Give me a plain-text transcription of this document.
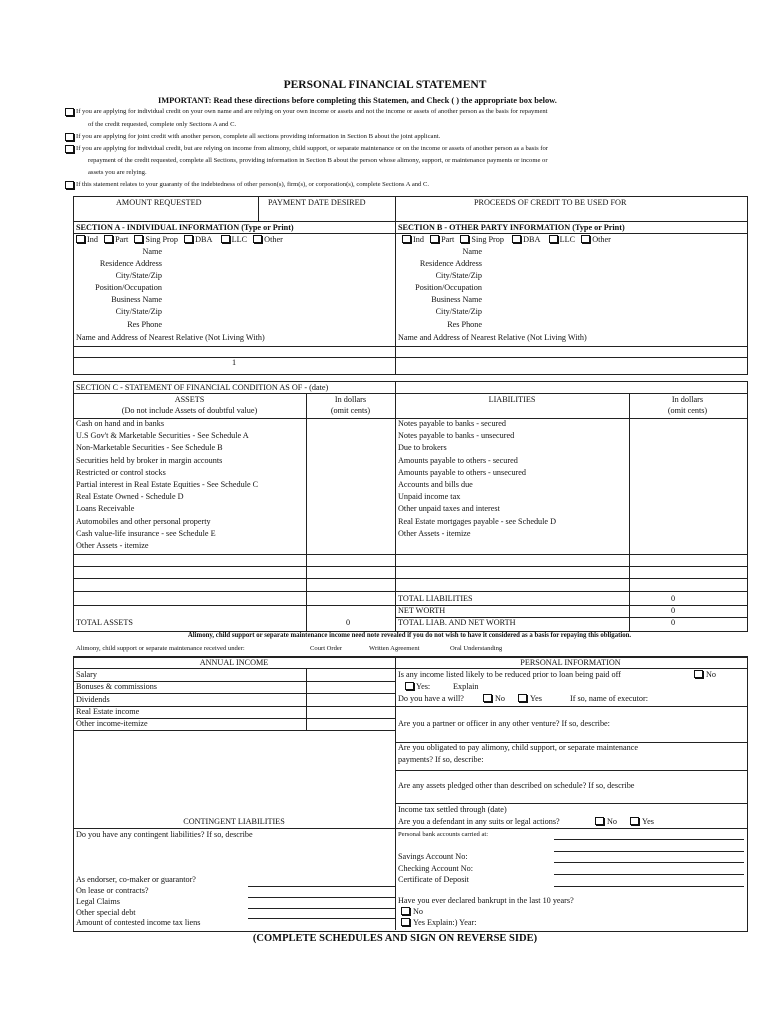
PERSONAL FINANCIAL STATEMENT
IMPORTANT: Read these directions before completing this Statemen, and Check ( ) the appropriate box below.
If you are applying for individual credit on your own name and are relying on your own income or assets and not the income or assets of another person as the basis for repayment
of the credit requested, complete only Sections A and C.
If you are applying for joint credit with another person, complete all sections providing information in Section B about the joint applicant.
If you are applying for individual credit, but are relying on income from alimony, child support, or separate maintenance or on the income or assets of another person as a basis for
repayment of the credit requested, complete all Sections, providing information in Section B about the person whose alimony, support, or maintenance payments or income or
assets you are relying.
If this statement relates to your guaranty of the indebtedness of other person(s), firm(s), or corporation(s), complete Sections A and C.
AMOUNT REQUESTED	PAYMENT DATE DESIRED	PROCEEDS OF CREDIT TO BE USED FOR
SECTION A - INDIVIDUAL INFORMATION (Type or Print)
Ind Part Sing Prop DBA LLC Other
Name
Residence Address
City/State/Zip
Position/Occupation
Business Name
City/State/Zip
Res Phone
Name and Address of Nearest Relative (Not Living With)
SECTION B - OTHER PARTY INFORMATION (Type or Print)
Ind Part Sing Prop DBA LLC Other
Name
Residence Address
City/State/Zip
Position/Occupation
Business Name
City/State/Zip
Res Phone
Name and Address of Nearest Relative (Not Living With)
1
SECTION C - STATEMENT OF FINANCIAL CONDITION AS OF - (date)
ASSETS
(Do not include Assets of doubtful value)
In dollars
(omit cents)
LIABILITIES	In dollars
(omit cents)
Cash on hand and in banks
U.S Gov't & Marketable Securities - See Schedule A
Non-Marketable Securities - See Schedule B
Securities held by broker in margin accounts
Restricted or control stocks
Partial interest in Real Estate Equities - See Schedule C
Real Estate Owned - Schedule D
Loans Receivable
Automobiles and other personal property
Cash value-life insurance - see Schedule E
Other Assets - itemize
Notes payable to banks - secured
Notes payable to banks - unsecured
Due to brokers
Amounts payable to others - secured
Amounts payable to others - unsecured
Accounts and bills due
Unpaid income tax
Other unpaid taxes and interest
Real Estate mortgages payable - see Schedule D
Other Assets - itemize
TOTAL LIABILITIES	0
NET WORTH	0
TOTAL ASSETS	0	TOTAL LIAB. AND NET WORTH	0
Alimony, child support or separate maintenance income need note revealed if you do not wish to have it considered as a basis for repaying this obligation.
Alimony, child support or separate maintenance received under:	Court Order	Written Agreement	Oral Understanding
ANNUAL INCOME
Salary
Bonuses & commissions
Dividends
Real Estate income
Other income-itemize
PERSONAL INFORMATION
Is any income listed likely to be reduced prior to loan being paid off	No
Yes:	Explain
Do you have a will?	No	Yes	If so, name of executor:
Are you a partner or officer in any other venture? If so, describe:
Are you obligated to pay alimony, child support, or separate maintenance
payments? If so, describe:
Are any assets pledged other than described on schedule? If so, describe
Income tax settled through (date)
Are you a defendant in any suits or legal actions?	No	Yes
Personal bank accounts carried at:
Savings Account No:
Checking Account No:
Certificate of Deposit
Have you ever declared bankrupt in the last 10 years?
No
Yes Explain:) Year:
CONTINGENT LIABILITIES
Do you have any contingent liabilities? If so, describe
As endorser, co-maker or guarantor?
On lease or contracts?
Legal Claims
Other special debt
Amount of contested income tax liens
(COMPLETE SCHEDULES AND SIGN ON REVERSE SIDE)
